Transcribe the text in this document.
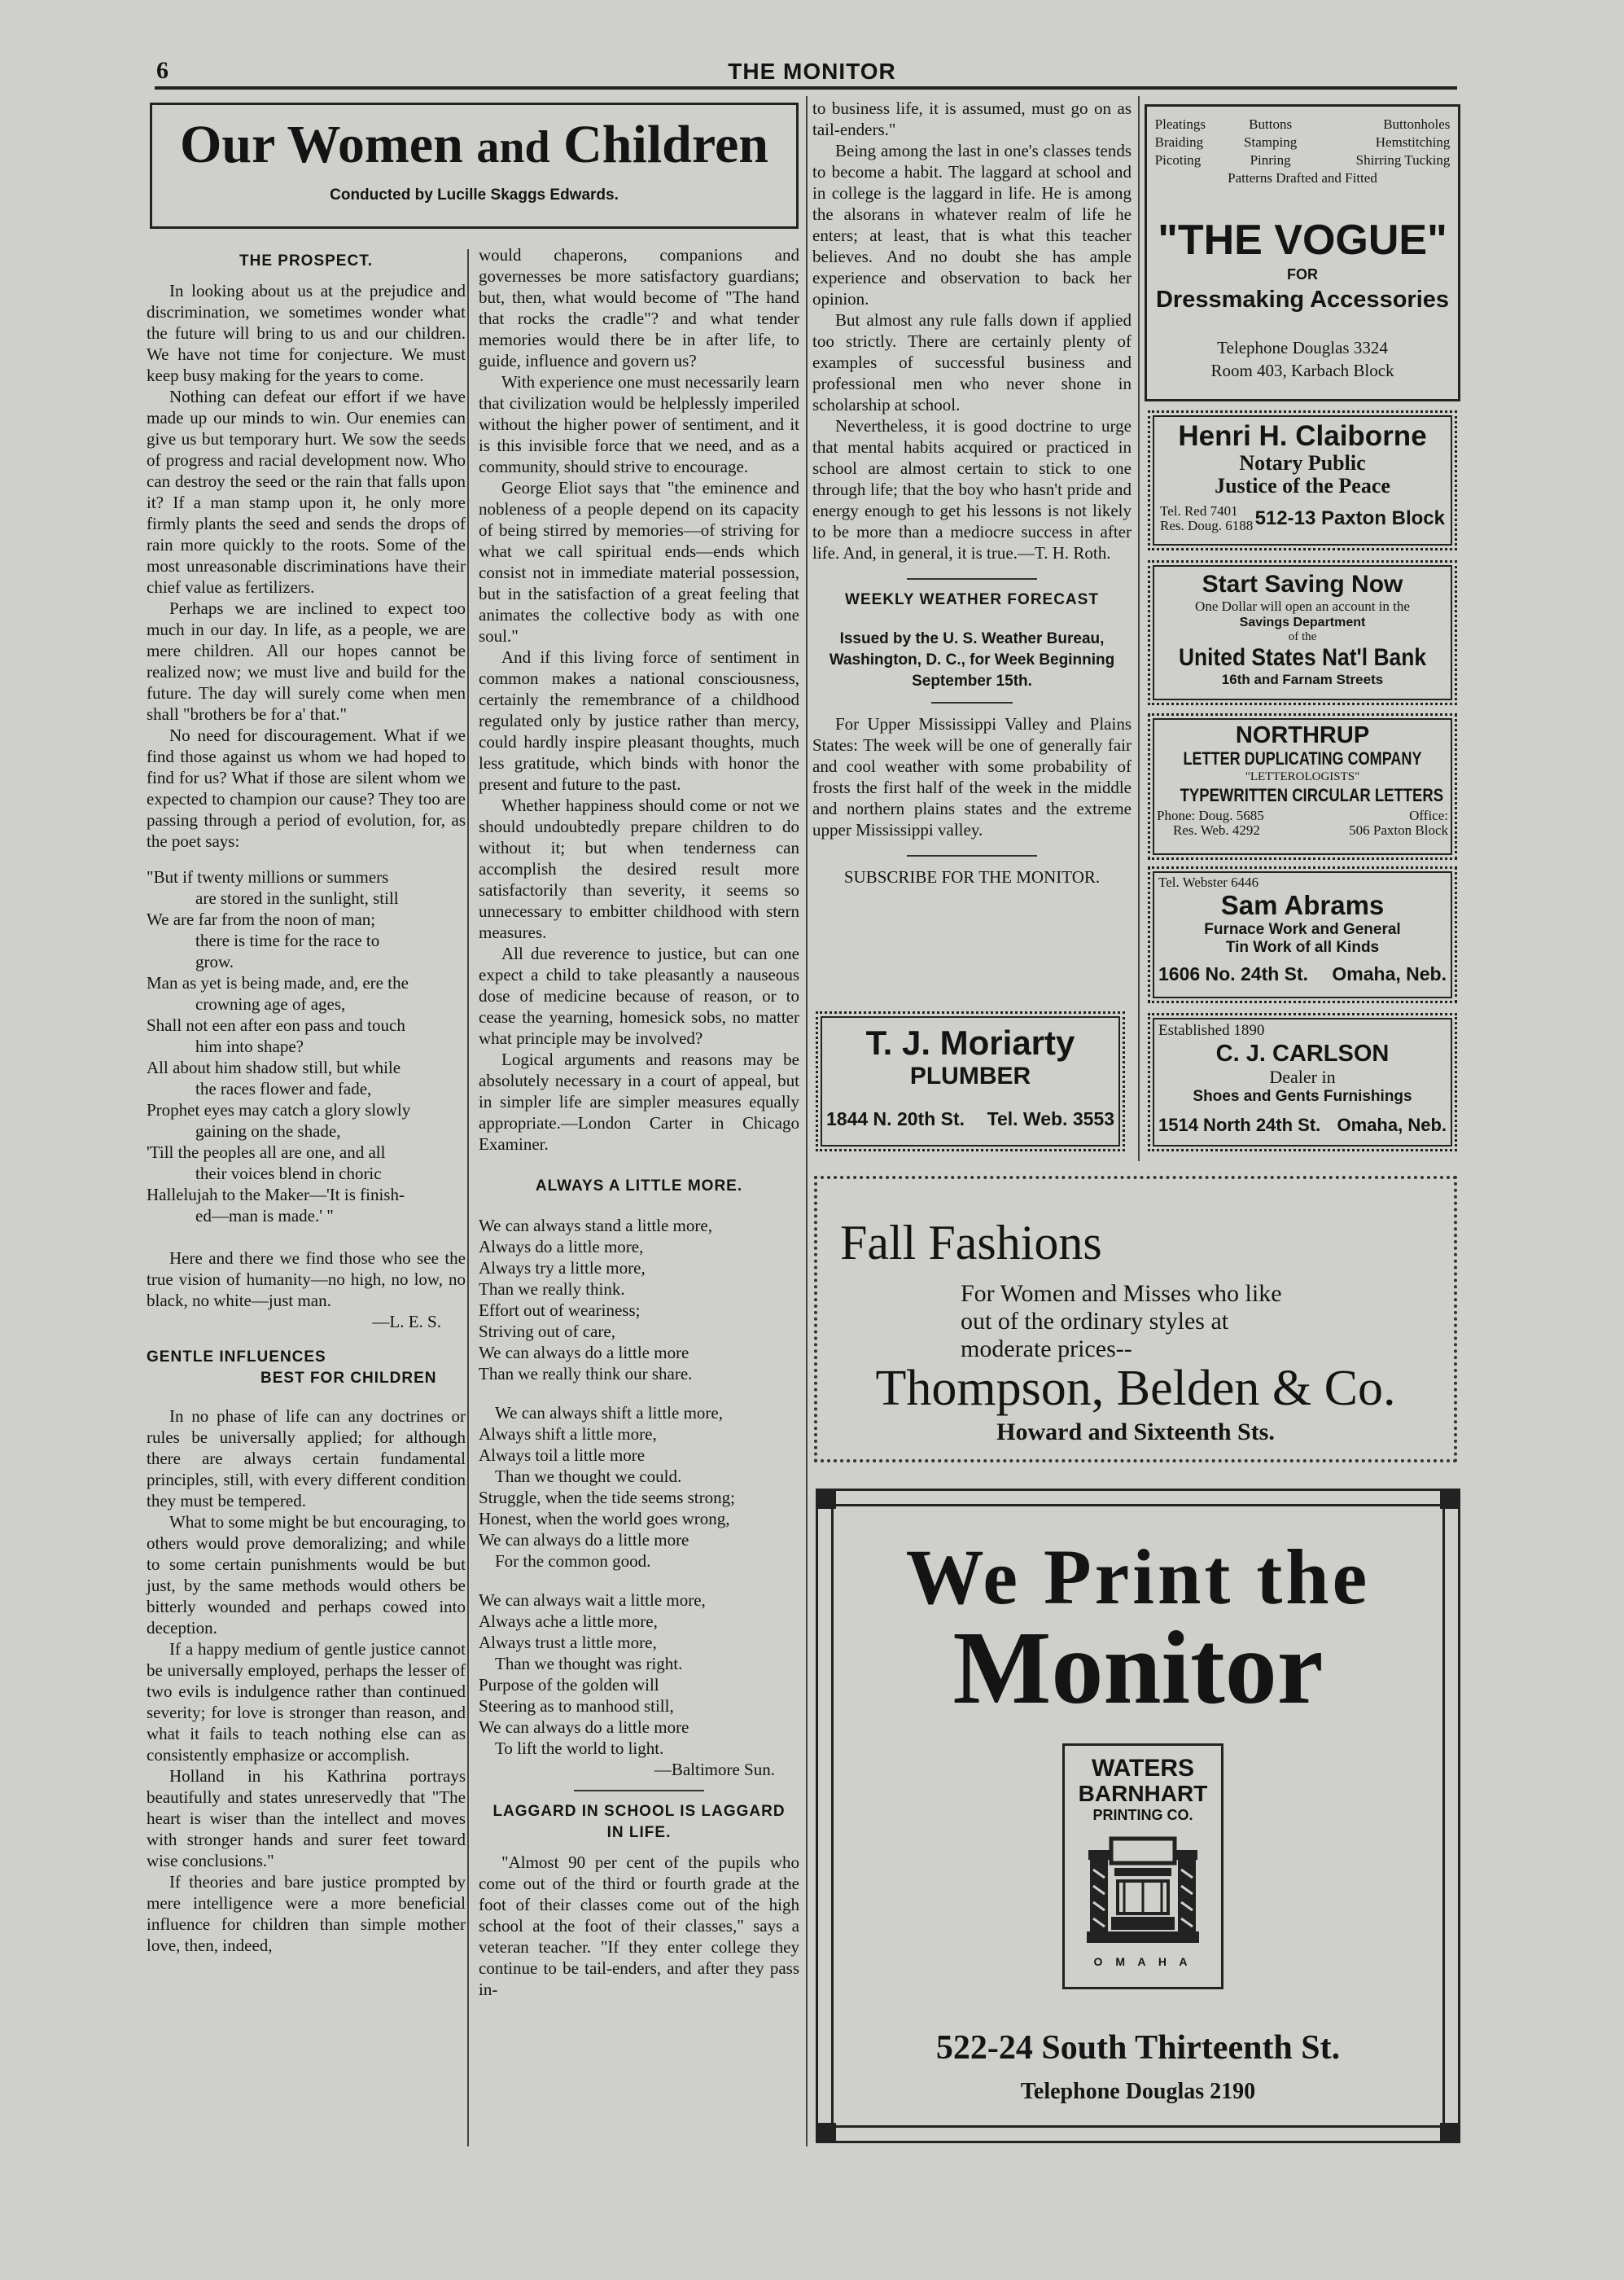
6	THE MONITOR
Our Women and Children
Conducted by Lucille Skaggs Edwards.
THE PROSPECT.

In looking about us at the prejudice and discrimination, we sometimes wonder what the future will bring to us and our children. We have not time for conjecture. We must keep busy making for the years to come.

Nothing can defeat our effort if we have made up our minds to win. Our enemies can give us but temporary hurt. We sow the seeds of progress and racial development now. Who can destroy the seed or the rain that falls upon it? If a man stamp upon it, he only more firmly plants the seed and sends the drops of rain more quickly to the roots. Some of the most unreasonable discriminations have their chief value as fertilizers.

Perhaps we are inclined to expect too much in our day. In life, as a people, we are mere children. All our hopes cannot be realized now; we must live and build for the future. The day will surely come when men shall "brothers be for a' that."

No need for discouragement. What if we find those against us whom we had hoped to find for us? What if those are silent whom we expected to champion our cause? They too are passing through a period of evolution, for, as the poet says:

"But if twenty millions or summers
are stored in the sunlight, still
We are far from the noon of man;
there is time for the race to
grow.
Man as yet is being made, and, ere the
crowning age of ages,
Shall not een after eon pass and touch
him into shape?
All about him shadow still, but while
the races flower and fade,
Prophet eyes may catch a glory slowly
gaining on the shade,
'Till the peoples all are one, and all
their voices blend in choric
Hallelujah to the Maker—'It is finish-
ed—man is made.' "

Here and there we find those who see the true vision of humanity—no high, no low, no black, no white—just man.

—L. E. S.
GENTLE INFLUENCES
BEST FOR CHILDREN

In no phase of life can any doctrines or rules be universally applied; for although there are always certain fundamental principles, still, with every different condition they must be tempered.

What to some might be but encouraging, to others would prove demoralizing; and while to some certain punishments would be but just, by the same methods would others be bitterly wounded and perhaps cowed into deception.

If a happy medium of gentle justice cannot be universally employed, perhaps the lesser of two evils is indulgence rather than continued severity; for love is stronger than reason, and what it fails to teach nothing else can as consistently emphasize or accomplish.

Holland in his Kathrina portrays beautifully and states unreservedly that "The heart is wiser than the intellect and moves with stronger hands and surer feet toward wise conclusions."

If theories and bare justice prompted by mere intelligence were a more beneficial influence for children than simple mother love, then, indeed,

would chaperons, companions and governesses be more satisfactory guardians; but, then, what would become of "The hand that rocks the cradle"? and what tender memories would there be in after life, to guide, influence and govern us?

With experience one must necessarily learn that civilization would be helplessly imperiled without the higher power of sentiment, and it is this invisible force that we need, and as a community, should strive to encourage.

George Eliot says that "the eminence and nobleness of a people depend on its capacity of being stirred by memories—of striving for what we call spiritual ends—ends which consist not in immediate material possession, but in the satisfaction of a great feeling that animates the collective body as with one soul."

And if this living force of sentiment in common makes a national consciousness, certainly the remembrance of a childhood regulated only by justice rather than mercy, could hardly inspire pleasant thoughts, much less gratitude, which binds with honor the present and future to the past.

Whether happiness should come or not we should undoubtedly prepare children to do without it; but when tenderness can accomplish the desired result more satisfactorily than severity, it seems so unnecessary to embitter childhood with stern measures.

All due reverence to justice, but can one expect a child to take pleasantly a nauseous dose of medicine because of reason, or to cease the yearning, homesick sobs, no matter what principle may be involved?

Logical arguments and reasons may be absolutely necessary in a court of appeal, but in simpler life are simpler measures equally appropriate.—London Carter in Chicago Examiner.

ALWAYS A LITTLE MORE.
We can always stand a little more,
Always do a little more,
Always try a little more,
Than we really think.
Effort out of weariness;
Striving out of care,
We can always do a little more
Than we really think our share.
We can always shift a little more,
Always shift a little more,
Always toil a little more
Than we thought we could.
Struggle, when the tide seems strong;
Honest, when the world goes wrong,
We can always do a little more
For the common good.
We can always wait a little more,
Always ache a little more,
Always trust a little more,
Than we thought was right.
Purpose of the golden will
Steering as to manhood still,
We can always do a little more
To lift the world to light.
—Baltimore Sun.
LAGGARD IN SCHOOL IS LAGGARD
IN LIFE.

"Almost 90 per cent of the pupils who come out of the third or fourth grade at the foot of their classes come out of the high school at the foot of their classes," says a veteran teacher. "If they enter college they continue to be tail-enders, and after they pass in-

to business life, it is assumed, must go on as tail-enders."

Being among the last in one's classes tends to become a habit. The laggard at school and in college is the laggard in life. He is among the alsorans in whatever realm of life he enters; at least, that is what this teacher believes. And no doubt she has ample experience and observation to back her opinion.

But almost any rule falls down if applied too strictly. There are certainly plenty of examples of successful business and professional men who never shone in scholarship at school.

Nevertheless, it is good doctrine to urge that mental habits acquired or practiced in school are almost certain to stick to one through life; that the boy who hasn't pride and energy enough to get his lessons is not likely to be more than a mediocre success in after life. And, in general, it is true.—T. H. Roth.

WEEKLY WEATHER FORECAST
Issued by the U. S. Weather Bureau, Washington, D. C., for Week Beginning September 15th.

For Upper Mississippi Valley and Plains States: The week will be one of generally fair and cool weather with some probability of frosts the first half of the week in the middle and northern plains states and the extreme upper Mississippi valley.

SUBSCRIBE FOR THE MONITOR.
Pleatings	Buttons	Buttonholes
Braiding	Stamping	Hemstitching
Picoting	Pinring	Shirring Tucking
Patterns Drafted and Fitted
"THE VOGUE"
FOR
Dressmaking Accessories
Telephone Douglas 3324
Room 403, Karbach Block
Henri H. Claiborne
Notary Public
Justice of the Peace
Tel. Red 7401
Res. Doug. 6188 512-13 Paxton Block
Start Saving Now
One Dollar will open an account in the
Savings Department
of the
United States Nat'l Bank
16th and Farnam Streets
NORTHRUP
LETTER DUPLICATING COMPANY
"LETTEROLOGISTS"
TYPEWRITTEN CIRCULAR LETTERS
Phone: Doug. 5685
Res. Web. 4292
Office:
506 Paxton Block
Tel. Webster 6446
Sam Abrams
Furnace Work and General
Tin Work of all Kinds
1606 No. 24th St. Omaha, Neb.
Established 1890
C. J. CARLSON
Dealer in
Shoes and Gents Furnishings
1514 North 24th St. Omaha, Neb.
T. J. Moriarty
PLUMBER
1844 N. 20th St. Tel. Web. 3553
Fall Fashions
For Women and Misses who like
out of the ordinary styles at
moderate prices--
Thompson, Belden & Co.
Howard and Sixteenth Sts.
We Print the
Monitor
WATERS
BARNHART
PRINTING CO.
O M A H A
522-24 South Thirteenth St.
Telephone Douglas 2190
